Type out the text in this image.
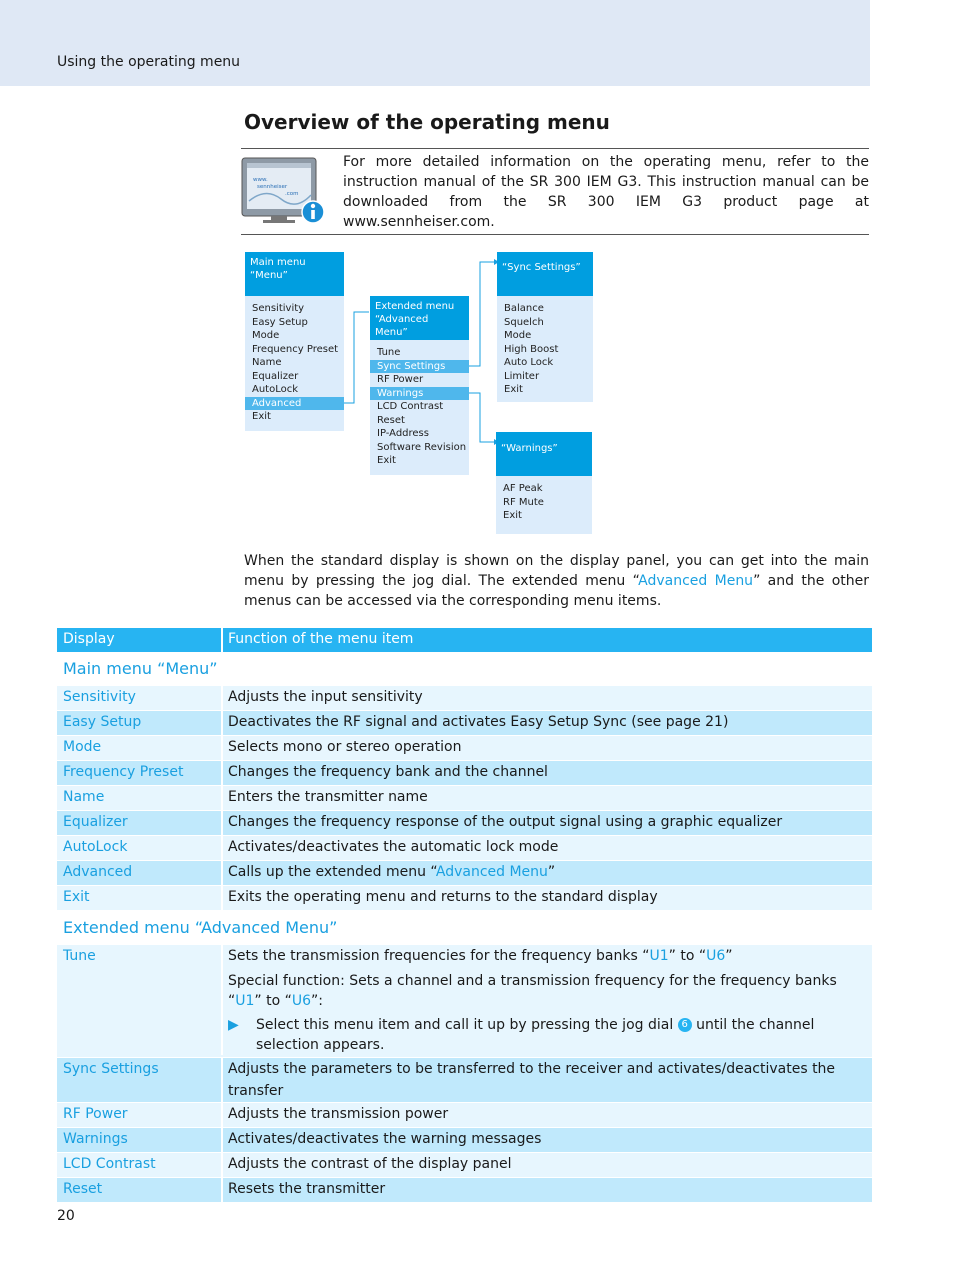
Using the operating menu
Overview of the operating menu
www.
sennheiser
.com
For more detailed information on the operating menu, refer to the instruction manual of the SR 300 IEM G3. This instruction manual can be downloaded from the SR 300 IEM G3 product page at www.sennheiser.com.
Main menu
“Menu”
Sensitivity
Easy Setup
Mode
Frequency Preset
Name
Equalizer
AutoLock
Advanced
Exit
Extended menu
“Advanced Menu”
Tune
Sync Settings
RF Power
Warnings
LCD Contrast
Reset
IP-Address
Software Revision
Exit
“Sync Settings”
Balance
Squelch
Mode
High Boost
Auto Lock
Limiter
Exit
“Warnings”
AF Peak
RF Mute
Exit
When the standard display is shown on the display panel, you can get into the main menu by pressing the jog dial. The extended menu “Advanced Menu” and the other menus can be accessed via the corresponding menu items.
Display	Function of the menu item
Main menu “Menu”
Sensitivity	Adjusts the input sensitivity
Easy Setup	Deactivates the RF signal and activates Easy Setup Sync (see page 21)
Mode	Selects mono or stereo operation
Frequency Preset	Changes the frequency bank and the channel
Name	Enters the transmitter name
Equalizer	Changes the frequency response of the output signal using a graphic equalizer
AutoLock	Activates/deactivates the automatic lock mode
Advanced	Calls up the extended menu “Advanced Menu”
Exit	Exits the operating menu and returns to the standard display
Extended menu “Advanced Menu”
Tune	Sets the transmission frequencies for the frequency banks “U1” to “U6”
Special function: Sets a channel and a transmission frequency for the frequency banks “U1” to “U6”:
▶	Select this menu item and call it up by pressing the jog dial 6 until the channel selection appears.
Sync Settings	Adjusts the parameters to be transferred to the receiver and activates/deactivates the transfer
RF Power	Adjusts the transmission power
Warnings	Activates/deactivates the warning messages
LCD Contrast	Adjusts the contrast of the display panel
Reset	Resets the transmitter
20
